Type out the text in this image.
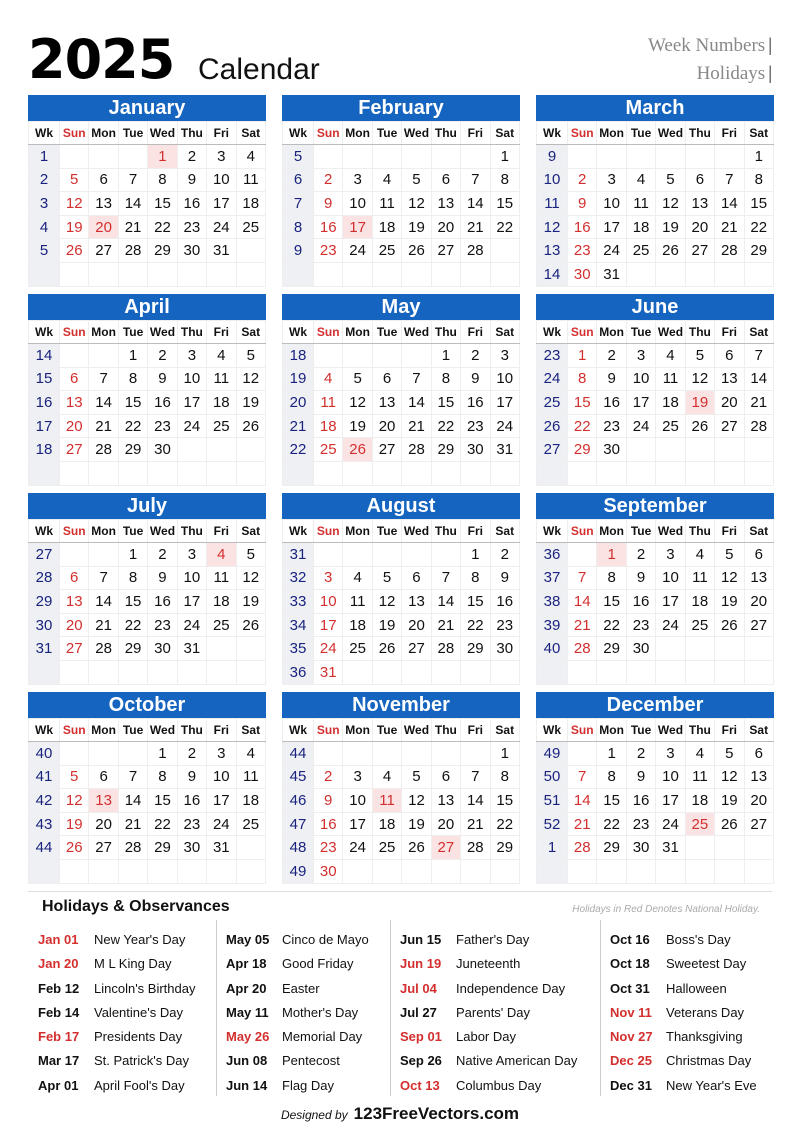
2025 Calendar
Week Numbers |
Holidays |
January
Wk	Sun	Mon	Tue	Wed	Thu	Fri	Sat
1				1	2	3	4
2	5	6	7	8	9	10	11
3	12	13	14	15	16	17	18
4	19	20	21	22	23	24	25
5	26	27	28	29	30	31	

February
Wk	Sun	Mon	Tue	Wed	Thu	Fri	Sat
5							1
6	2	3	4	5	6	7	8
7	9	10	11	12	13	14	15
8	16	17	18	19	20	21	22
9	23	24	25	26	27	28	

March
Wk	Sun	Mon	Tue	Wed	Thu	Fri	Sat
9							1
10	2	3	4	5	6	7	8
11	9	10	11	12	13	14	15
12	16	17	18	19	20	21	22
13	23	24	25	26	27	28	29
14	30	31					
April
Wk	Sun	Mon	Tue	Wed	Thu	Fri	Sat
14			1	2	3	4	5
15	6	7	8	9	10	11	12
16	13	14	15	16	17	18	19
17	20	21	22	23	24	25	26
18	27	28	29	30			

May
Wk	Sun	Mon	Tue	Wed	Thu	Fri	Sat
18					1	2	3
19	4	5	6	7	8	9	10
20	11	12	13	14	15	16	17
21	18	19	20	21	22	23	24
22	25	26	27	28	29	30	31

June
Wk	Sun	Mon	Tue	Wed	Thu	Fri	Sat
23	1	2	3	4	5	6	7
24	8	9	10	11	12	13	14
25	15	16	17	18	19	20	21
26	22	23	24	25	26	27	28
27	29	30					

July
Wk	Sun	Mon	Tue	Wed	Thu	Fri	Sat
27			1	2	3	4	5
28	6	7	8	9	10	11	12
29	13	14	15	16	17	18	19
30	20	21	22	23	24	25	26
31	27	28	29	30	31		

August
Wk	Sun	Mon	Tue	Wed	Thu	Fri	Sat
31						1	2
32	3	4	5	6	7	8	9
33	10	11	12	13	14	15	16
34	17	18	19	20	21	22	23
35	24	25	26	27	28	29	30
36	31						
September
Wk	Sun	Mon	Tue	Wed	Thu	Fri	Sat
36		1	2	3	4	5	6
37	7	8	9	10	11	12	13
38	14	15	16	17	18	19	20
39	21	22	23	24	25	26	27
40	28	29	30				

October
Wk	Sun	Mon	Tue	Wed	Thu	Fri	Sat
40				1	2	3	4
41	5	6	7	8	9	10	11
42	12	13	14	15	16	17	18
43	19	20	21	22	23	24	25
44	26	27	28	29	30	31	

November
Wk	Sun	Mon	Tue	Wed	Thu	Fri	Sat
44							1
45	2	3	4	5	6	7	8
46	9	10	11	12	13	14	15
47	16	17	18	19	20	21	22
48	23	24	25	26	27	28	29
49	30						
December
Wk	Sun	Mon	Tue	Wed	Thu	Fri	Sat
49		1	2	3	4	5	6
50	7	8	9	10	11	12	13
51	14	15	16	17	18	19	20
52	21	22	23	24	25	26	27
1	28	29	30	31			

Holidays & Observances	Holidays in Red Denotes National Holiday.
Jan 01 New Year's Day
Jan 20 M L King Day
Feb 12 Lincoln's Birthday
Feb 14 Valentine's Day
Feb 17 Presidents Day
Mar 17 St. Patrick's Day
Apr 01 April Fool's Day
May 05 Cinco de Mayo
Apr 18 Good Friday
Apr 20 Easter
May 11 Mother's Day
May 26 Memorial Day
Jun 08 Pentecost
Jun 14 Flag Day
Jun 15 Father's Day
Jun 19 Juneteenth
Jul 04 Independence Day
Jul 27 Parents' Day
Sep 01 Labor Day
Sep 26 Native American Day
Oct 13 Columbus Day
Oct 16 Boss's Day
Oct 18 Sweetest Day
Oct 31 Halloween
Nov 11 Veterans Day
Nov 27 Thanksgiving
Dec 25 Christmas Day
Dec 31 New Year's Eve
Designed by 123FreeVectors.com
